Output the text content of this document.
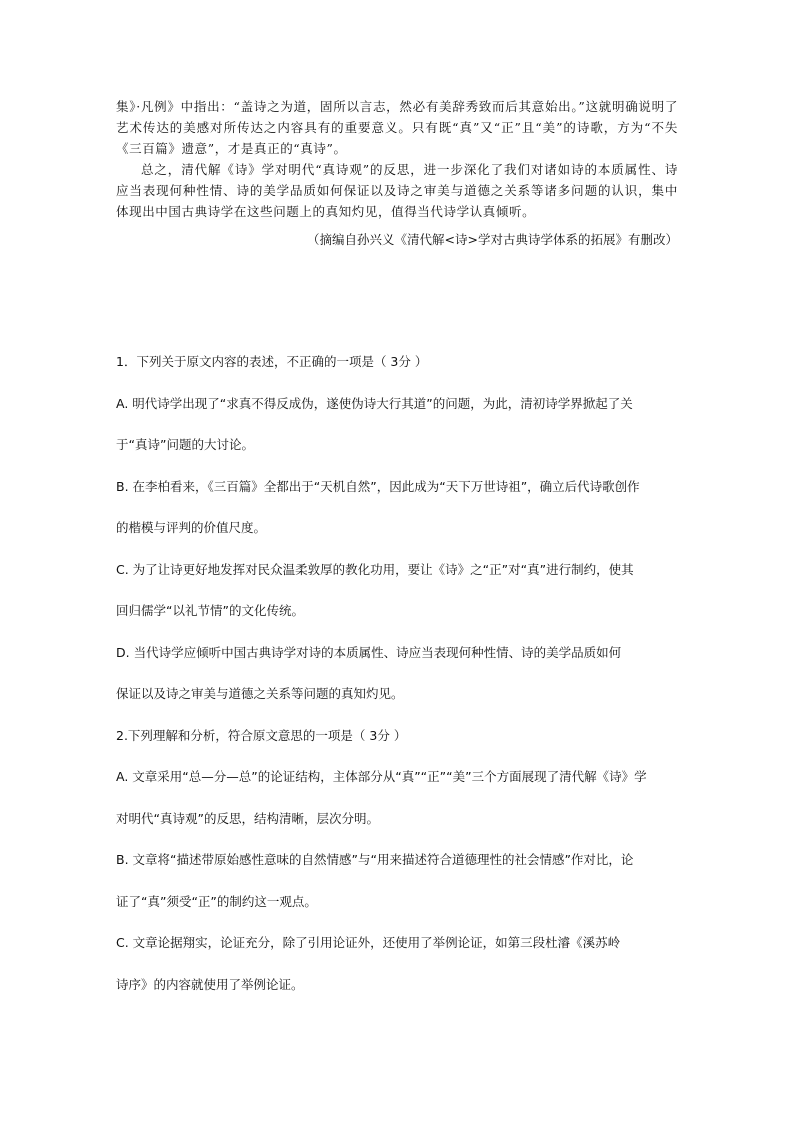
集》·凡例》中指出：“盖诗之为道，固所以言志，然必有美辞秀致而后其意始出。”这就明确说明了艺术传达的美感对所传达之内容具有的重要意义。只有既“真”又“正”且“美”的诗歌，方为“不失《三百篇》遗意”，才是真正的“真诗”。

总之，清代解《诗》学对明代“真诗观”的反思，进一步深化了我们对诸如诗的本质属性、诗应当表现何种性情、诗的美学品质如何保证以及诗之审美与道德之关系等诸多问题的认识，集中体现出中国古典诗学在这些问题上的真知灼见，值得当代诗学认真倾听。

（摘编自孙兴义《清代解<诗>学对古典诗学体系的拓展》有删改）
1．下列关于原文内容的表述，不正确的一项是（ 3分 ）
A. 明代诗学出现了“求真不得反成伪，遂使伪诗大行其道”的问题，为此，清初诗学界掀起了关
于“真诗”问题的大讨论。
B. 在李柏看来，《三百篇》全都出于“天机自然”，因此成为“天下万世诗祖”，确立后代诗歌创作
的楷模与评判的价值尺度。
C. 为了让诗更好地发挥对民众温柔敦厚的教化功用，要让《诗》之“正”对“真”进行制约，使其
回归儒学“以礼节情”的文化传统。
D. 当代诗学应倾听中国古典诗学对诗的本质属性、诗应当表现何种性情、诗的美学品质如何
保证以及诗之审美与道德之关系等问题的真知灼见。
2.下列理解和分析，符合原文意思的一项是（ 3分 ）
A. 文章采用“总—分—总”的论证结构，主体部分从“真”“正”“美”三个方面展现了清代解《诗》学
对明代“真诗观”的反思，结构清晰，层次分明。
B. 文章将“描述带原始感性意味的自然情感”与“用来描述符合道德理性的社会情感”作对比，论
证了“真”须受“正”的制约这一观点。
C. 文章论据翔实，论证充分，除了引用论证外，还使用了举例论证，如第三段杜濬《溪苏岭
诗序》的内容就使用了举例论证。
